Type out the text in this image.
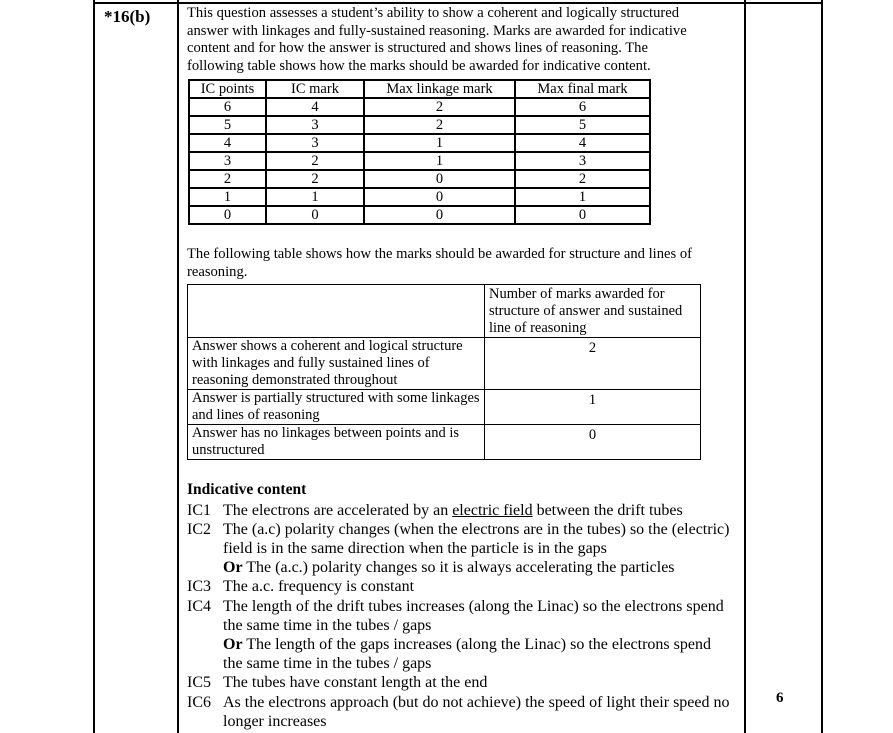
*16(b)
6

This question assesses a student’s ability to show a coherent and logically structured
answer with linkages and fully-sustained reasoning. Marks are awarded for indicative
content and for how the answer is structured and shows lines of reasoning. The
following table shows how the marks should be awarded for indicative content.

IC points	IC mark	Max linkage mark	Max final mark
6	4	2	6
5	3	2	5
4	3	1	4
3	2	1	3
2	2	0	2
1	1	0	1
0	0	0	0

The following table shows how the marks should be awarded for structure and lines of reasoning.

	Number of marks awarded for structure of answer and sustained line of reasoning
Answer shows a coherent and logical structure with linkages and fully sustained lines of reasoning demonstrated throughout	2
Answer is partially structured with some linkages and lines of reasoning	1
Answer has no linkages between points and is unstructured	0
Indicative content
IC1 The electrons are accelerated by an electric field between the drift tubes
IC2 The (a.c) polarity changes (when the electrons are in the tubes) so the (electric) field is in the same direction when the particle is in the gaps
Or The (a.c.) polarity changes so it is always accelerating the particles
IC3 The a.c. frequency is constant
IC4 The length of the drift tubes increases (along the Linac) so the electrons spend the same time in the tubes / gaps
Or The length of the gaps increases (along the Linac) so the electrons spend the same time in the tubes / gaps
IC5 The tubes have constant length at the end
IC6 As the electrons approach (but do not achieve) the speed of light their speed no longer increases
